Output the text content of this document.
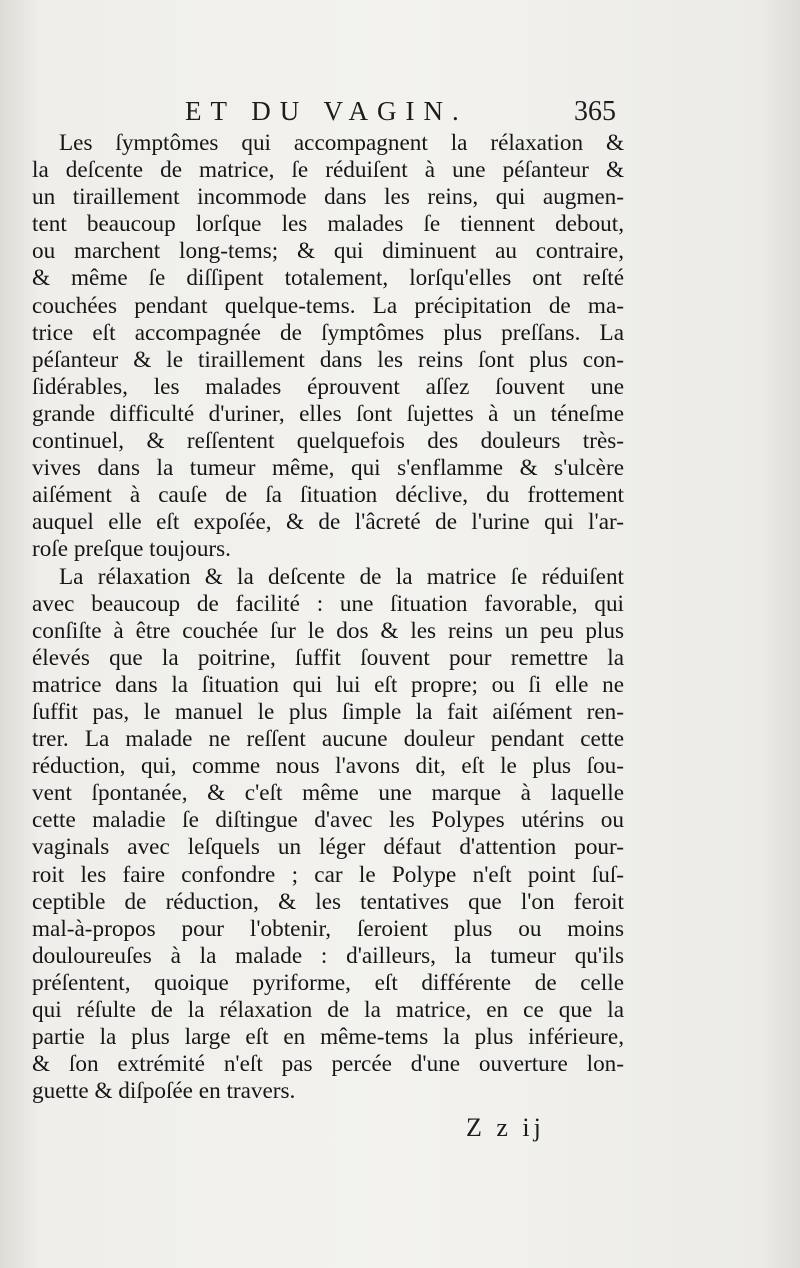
ET DU VAGIN.	365
Les ſymptômes qui accompagnent la rélaxation &
la deſcente de matrice, ſe réduiſent à une péſanteur &
un tiraillement incommode dans les reins, qui augmen-
tent beaucoup lorſque les malades ſe tiennent debout,
ou marchent long-tems; & qui diminuent au contraire,
& même ſe diſſipent totalement, lorſqu'elles ont reſté
couchées pendant quelque-tems. La précipitation de ma-
trice eſt accompagnée de ſymptômes plus preſſans. La
péſanteur & le tiraillement dans les reins ſont plus con-
ſidérables, les malades éprouvent aſſez ſouvent une
grande difficulté d'uriner, elles ſont ſujettes à un téneſme
continuel, & reſſentent quelquefois des douleurs très-
vives dans la tumeur même, qui s'enflamme & s'ulcère
aiſément à cauſe de ſa ſituation déclive, du frottement
auquel elle eſt expoſée, & de l'âcreté de l'urine qui l'ar-
roſe preſque toujours.
La rélaxation & la deſcente de la matrice ſe réduiſent
avec beaucoup de facilité : une ſituation favorable, qui
conſiſte à être couchée ſur le dos & les reins un peu plus
élevés que la poitrine, ſuffit ſouvent pour remettre la
matrice dans la ſituation qui lui eſt propre; ou ſi elle ne
ſuffit pas, le manuel le plus ſimple la fait aiſément ren-
trer. La malade ne reſſent aucune douleur pendant cette
réduction, qui, comme nous l'avons dit, eſt le plus ſou-
vent ſpontanée, & c'eſt même une marque à laquelle
cette maladie ſe diſtingue d'avec les Polypes utérins ou
vaginals avec leſquels un léger défaut d'attention pour-
roit les faire confondre ; car le Polype n'eſt point ſuſ-
ceptible de réduction, & les tentatives que l'on feroit
mal-à-propos pour l'obtenir, ſeroient plus ou moins
douloureuſes à la malade : d'ailleurs, la tumeur qu'ils
préſentent, quoique pyriforme, eſt différente de celle
qui réſulte de la rélaxation de la matrice, en ce que la
partie la plus large eſt en même-tems la plus inférieure,
& ſon extrémité n'eſt pas percée d'une ouverture lon-
guette & diſpoſée en travers.
Z z ij
